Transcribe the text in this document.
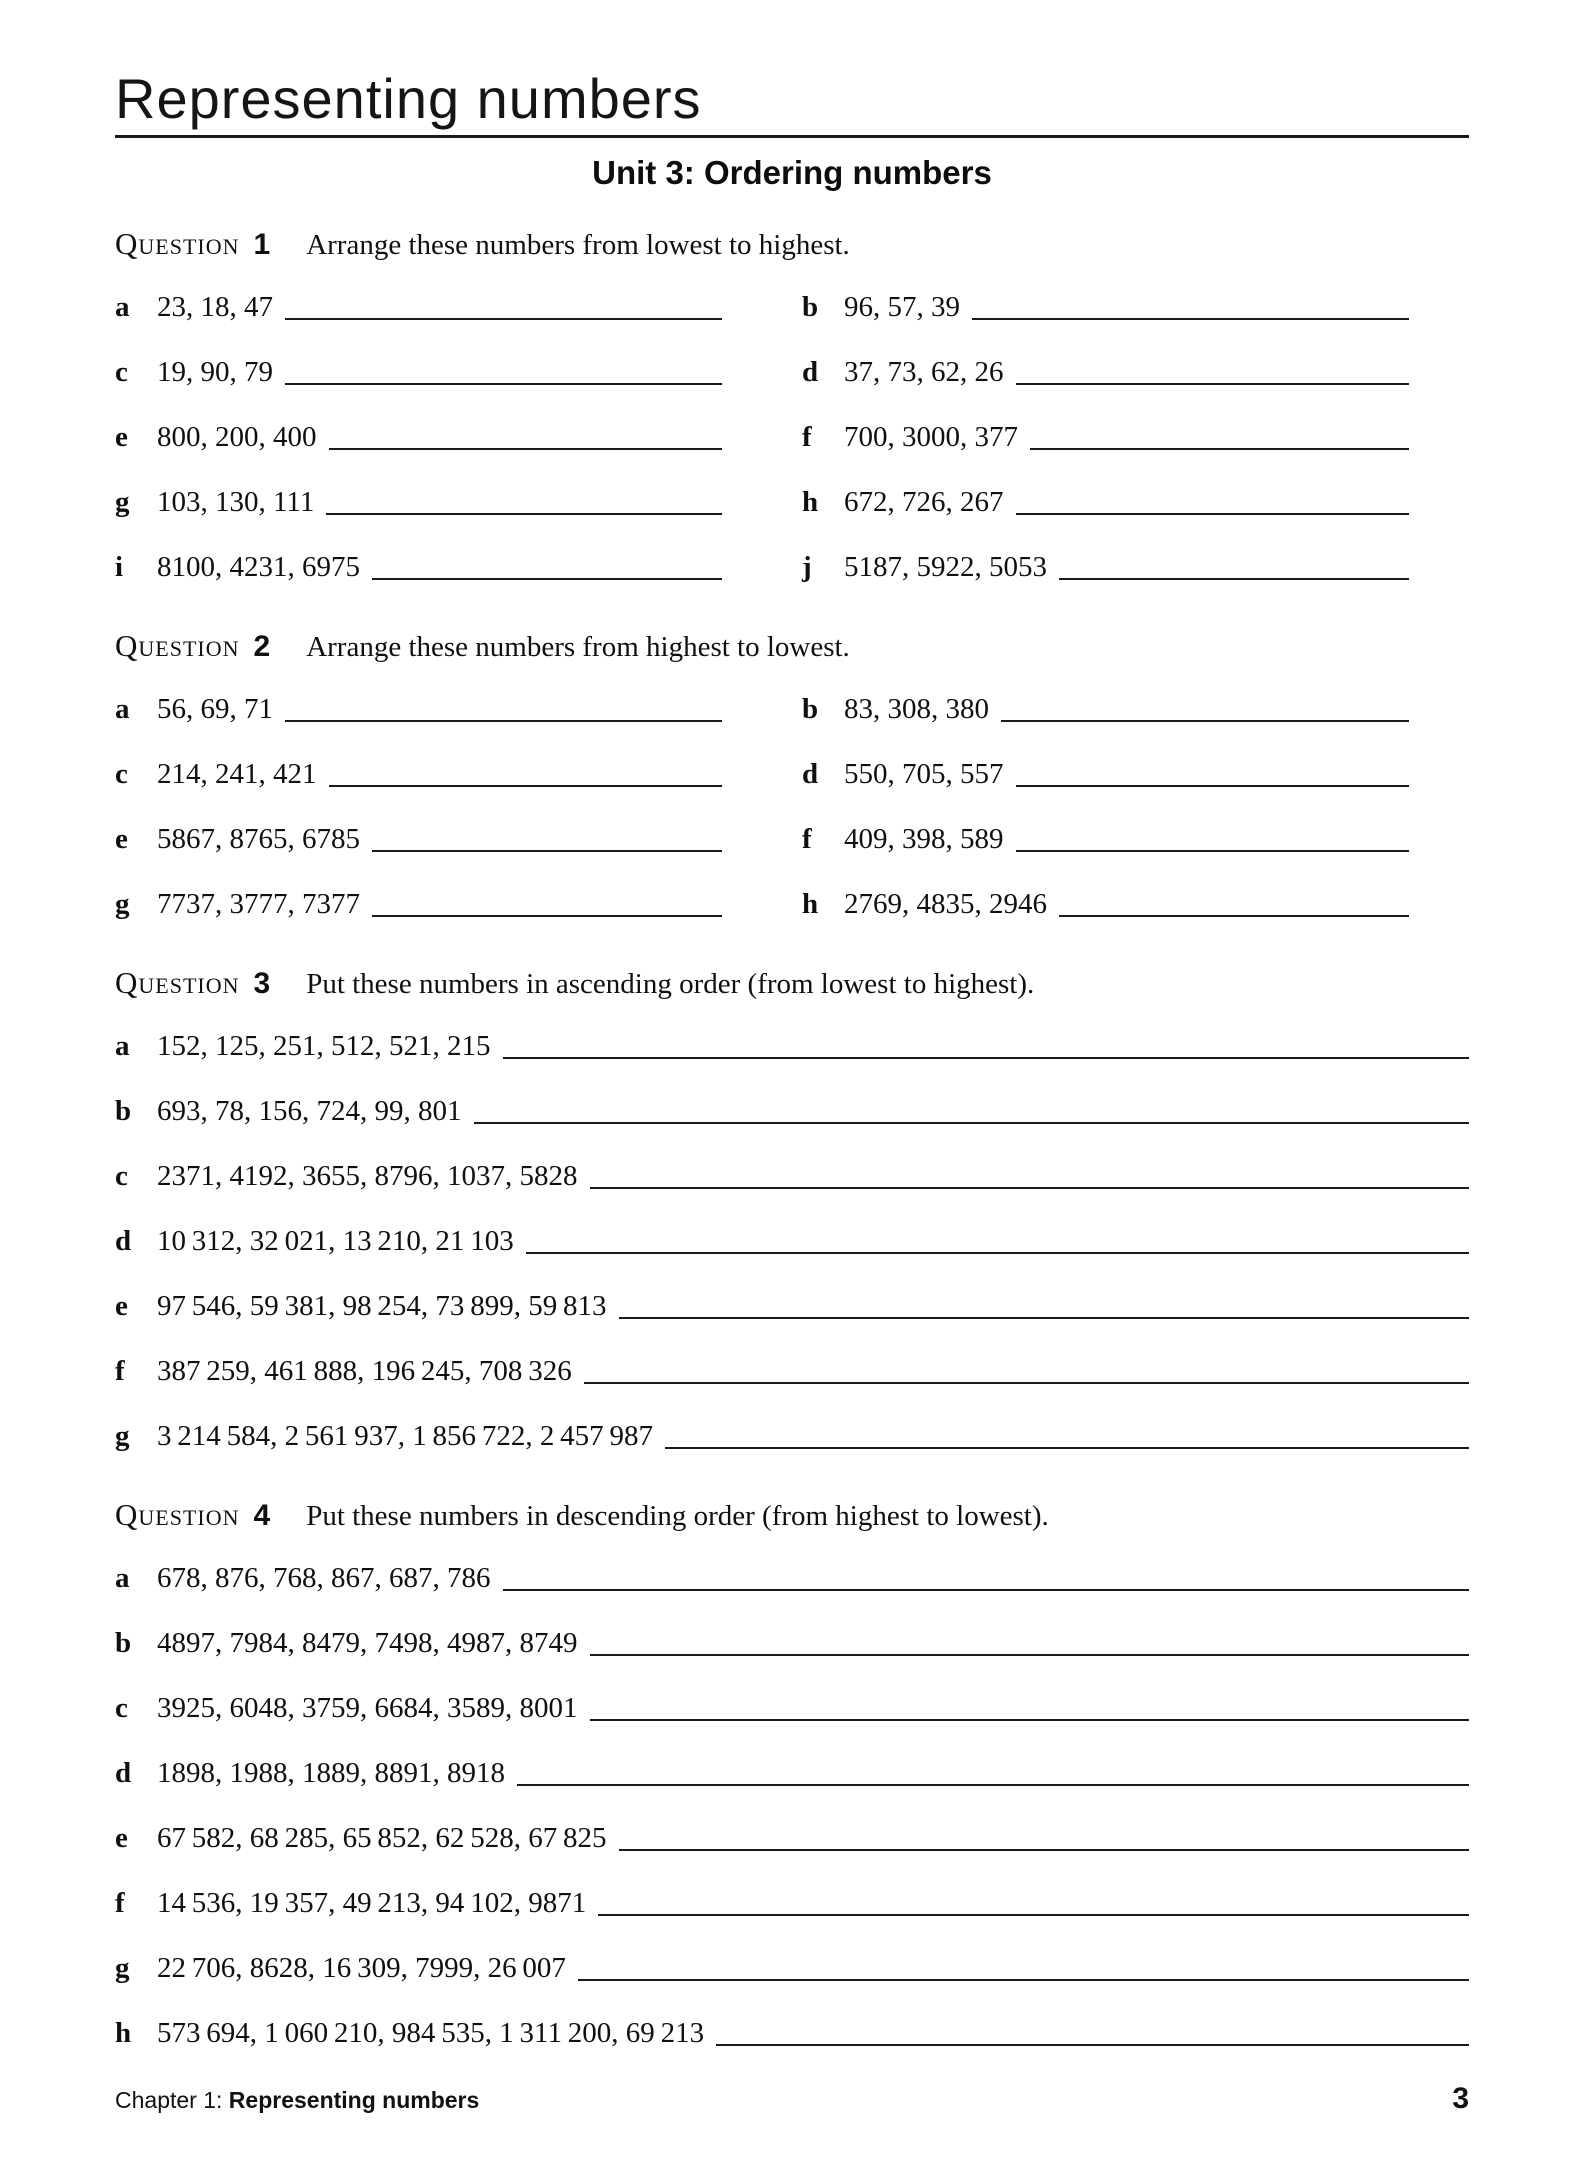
Representing numbers
Unit 3: Ordering numbers
Question 1 Arrange these numbers from lowest to highest.
a 23, 18, 47	b 96, 57, 39
c	19, 90, 79	d 37, 73, 62, 26
e	800, 200, 400	f	700, 3000, 377
g 103, 130, 111	h 672, 726, 267
i	8100, 4231, 6975	j	5187, 5922, 5053
Question 2 Arrange these numbers from highest to lowest.
a 56, 69, 71	b 83, 308, 380
c	214, 241, 421	d 550, 705, 557
e	5867, 8765, 6785	f	409, 398, 589
g 7737, 3777, 7377	h 2769, 4835, 2946
Question 3 Put these numbers in ascending order (from lowest to highest).
a 152, 125, 251, 512, 521, 215
b 693, 78, 156, 724, 99, 801
c	2371, 4192, 3655, 8796, 1037, 5828
d 10 312, 32 021, 13 210, 21 103
e	97 546, 59 381, 98 254, 73 899, 59 813
f	387 259, 461 888, 196 245, 708 326
g 3 214 584, 2 561 937, 1 856 722, 2 457 987
Question 4 Put these numbers in descending order (from highest to lowest).
a 678, 876, 768, 867, 687, 786
b 4897, 7984, 8479, 7498, 4987, 8749
c	3925, 6048, 3759, 6684, 3589, 8001
d 1898, 1988, 1889, 8891, 8918
e	67 582, 68 285, 65 852, 62 528, 67 825
f	14 536, 19 357, 49 213, 94 102, 9871
g 22 706, 8628, 16 309, 7999, 26 007
h 573 694, 1 060 210, 984 535, 1 311 200, 69 213
Chapter 1: Representing numbers	3
